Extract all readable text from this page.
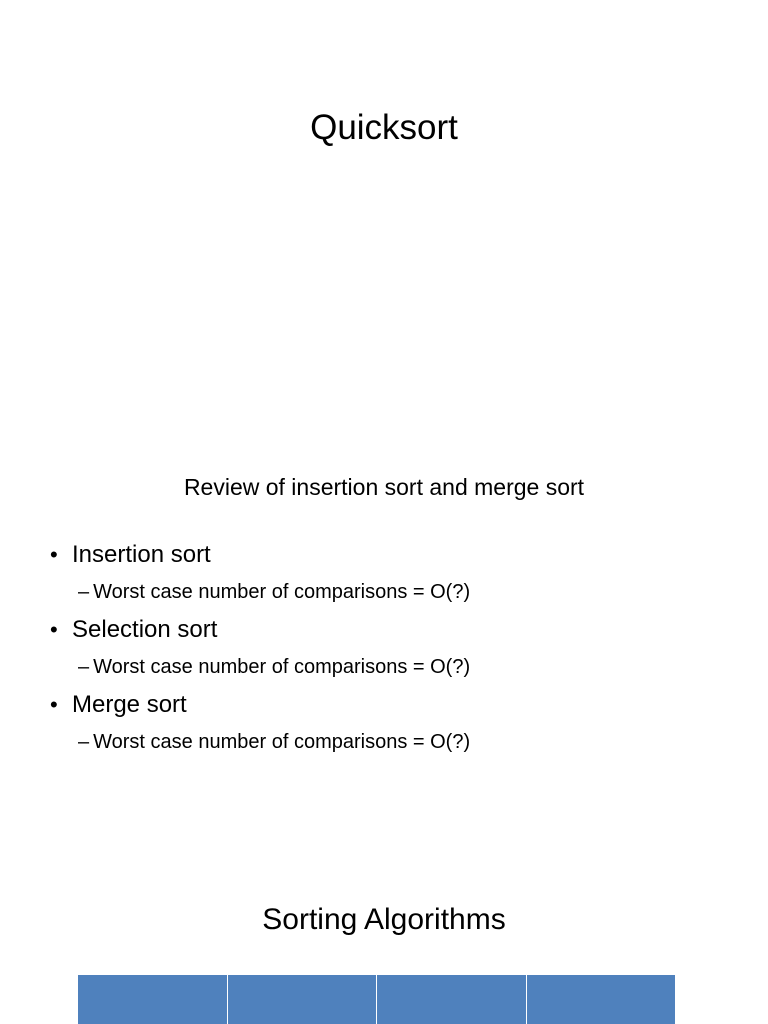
Quicksort
Review of insertion sort and merge sort
• Insertion sort
– Worst case number of comparisons = O(?)
• Selection sort
– Worst case number of comparisons = O(?)
• Merge sort
– Worst case number of comparisons = O(?)
Sorting Algorithms
